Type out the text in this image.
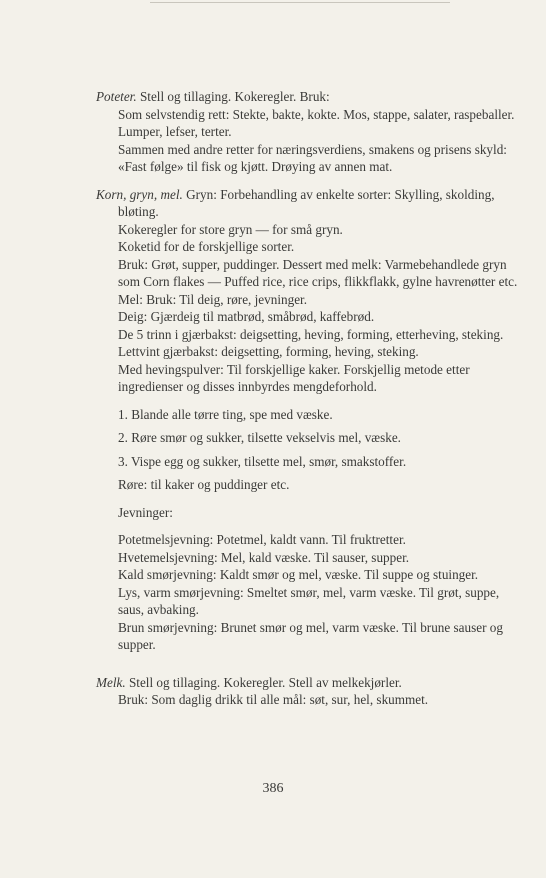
Poteter. Stell og tillaging. Kokeregler. Bruk:

Som selvstendig rett: Stekte, bakte, kokte. Mos, stappe, salater, raspeballer. Lumper, lefser, terter.

Sammen med andre retter for næringsverdiens, smakens og prisens skyld: «Fast følge» til fisk og kjøtt. Drøying av annen mat.

Korn, gryn, mel. Gryn: Forbehandling av enkelte sorter: Skylling, skolding, bløting.

Kokeregler for store gryn — for små gryn.

Koketid for de forskjellige sorter.

Bruk: Grøt, supper, puddinger. Dessert med melk: Varmebehandlede gryn som Corn flakes — Puffed rice, rice crips, flikkflakk, gylne havrenøtter etc.

Mel: Bruk: Til deig, røre, jevninger.

Deig: Gjærdeig til matbrød, småbrød, kaffebrød.

De 5 trinn i gjærbakst: deigsetting, heving, forming, etterheving, steking.

Lettvint gjærbakst: deigsetting, forming, heving, steking.

Med hevingspulver: Til forskjellige kaker. Forskjellig metode etter ingredienser og disses innbyrdes mengdeforhold.

1. Blande alle tørre ting, spe med væske.
2. Røre smør og sukker, tilsette vekselvis mel, væske.
3. Vispe egg og sukker, tilsette mel, smør, smakstoffer.

Røre: til kaker og puddinger etc.

Jevninger:

Potetmelsjevning: Potetmel, kaldt vann. Til fruktretter.

Hvetemelsjevning: Mel, kald væske. Til sauser, supper.

Kald smørjevning: Kaldt smør og mel, væske. Til suppe og stuinger.

Lys, varm smørjevning: Smeltet smør, mel, varm væske. Til grøt, suppe, saus, avbaking.

Brun smørjevning: Brunet smør og mel, varm væske. Til brune sauser og supper.

Melk. Stell og tillaging. Kokeregler. Stell av melkekjørler.

Bruk: Som daglig drikk til alle mål: søt, sur, hel, skummet.

386
